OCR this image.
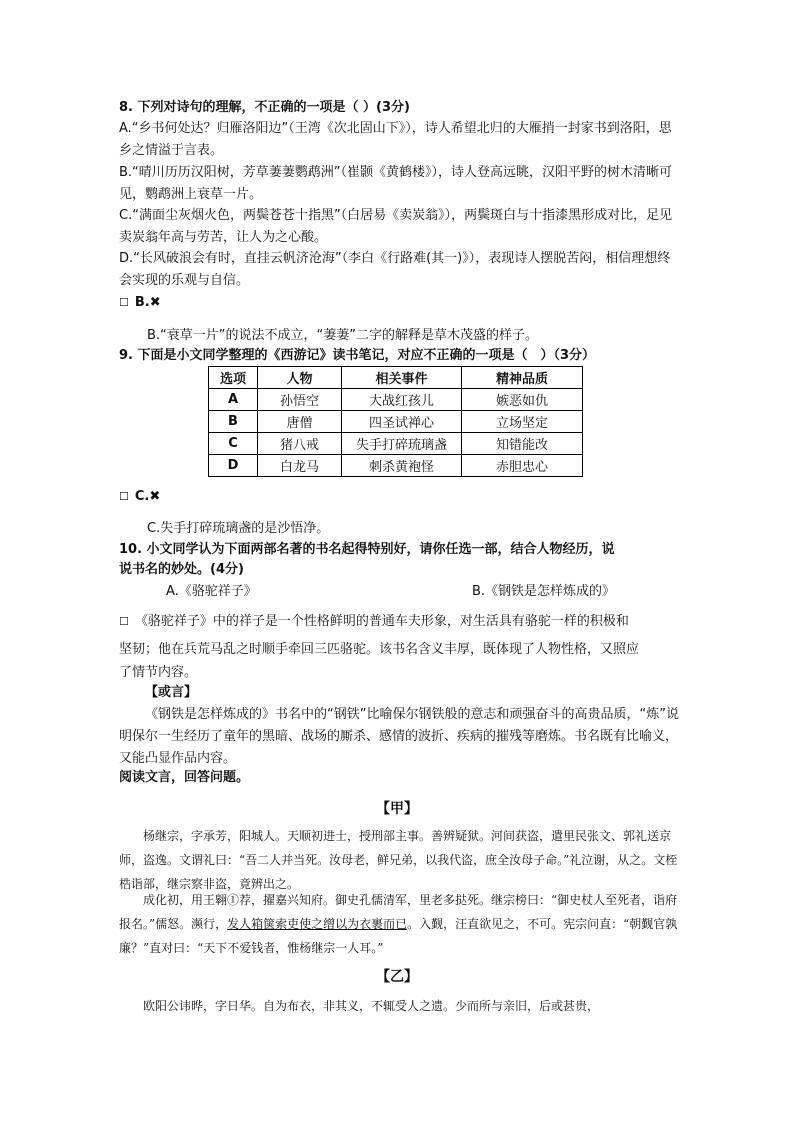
8. 下列对诗句的理解，不正确的一项是（ ）(3分)
A.“乡书何处达？归雁洛阳边”（王湾《次北固山下》），诗人希望北归的大雁捎一封家书到洛阳，思乡之情溢于言表。
B.“晴川历历汉阳树，芳草萋萋鹦鹉洲”（崔颢《黄鹤楼》），诗人登高远眺，汉阳平野的树木清晰可见，鹦鹉洲上衰草一片。
C.“满面尘灰烟火色，两鬓苍苍十指黑”（白居易《卖炭翁》），两鬓斑白与十指漆黑形成对比，足见卖炭翁年高与劳苦，让人为之心酸。
D.“长风破浪会有时，直挂云帆济沧海”（李白《行路难(其一)》），表现诗人摆脱苦闷，相信理想终会实现的乐观与自信。
☐ B.✖
B.“衰草一片”的说法不成立，“萋萋”二字的解释是草木茂盛的样子。
9. 下面是小文同学整理的《西游记》读书笔记，对应不正确的一项是（　）（3分）
选项	人物	相关事件	精神品质
A	孙悟空	大战红孩儿	嫉恶如仇
B	唐僧	四圣试禅心	立场坚定
C	猪八戒	失手打碎琉璃盏	知错能改
D	白龙马	刺杀黄袍怪	赤胆忠心
☐ C.✖
C.失手打碎琉璃盏的是沙悟净。
10. 小文同学认为下面两部名著的书名起得特别好，请你任选一部，结合人物经历，说
说书名的妙处。(4分)
A.《骆驼祥子》	B.《钢铁是怎样炼成的》
☐ 《骆驼祥子》中的祥子是一个性格鲜明的普通车夫形象，对生活具有骆驼一样的积极和
坚韧；他在兵荒马乱之时顺手牵回三匹骆驼。该书名含义丰厚，既体现了人物性格，又照应
了情节内容。
【或言】
《钢铁是怎样炼成的》书名中的“钢铁”比喻保尔钢铁般的意志和顽强奋斗的高贵品质，“炼”说明保尔一生经历了童年的黑暗、战场的厮杀、感情的波折、疾病的摧残等磨炼。书名既有比喻义，又能凸显作品内容。
阅读文言，回答问题。
【甲】
杨继宗，字承芳，阳城人。天顺初进士，授刑部主事。善辨疑狱。河间获盗，遣里民张文、郭礼送京师，盗逸。文谓礼曰：“吾二人并当死。汝母老，鲜兄弟，以我代盗，庶全汝母子命。”礼泣谢，从之。文桎梏诣部，继宗察非盗，竟辨出之。
成化初，用王翱①荐，擢嘉兴知府。御史孔儒清军，里老多挞死。继宗榜曰：“御史杖人至死者，诣府报名。”儒怒。濒行，发人箱箧索吏使之缯以为衣裹而已。入觐，汪直欲见之，不可。宪宗问直：“朝觐官孰廉？”直对曰：“天下不爱钱者，惟杨继宗一人耳。”
【乙】
欧阳公讳晔，字日华。自为布衣，非其义，不辄受人之遗。少而所与亲旧，后或甚贵，
